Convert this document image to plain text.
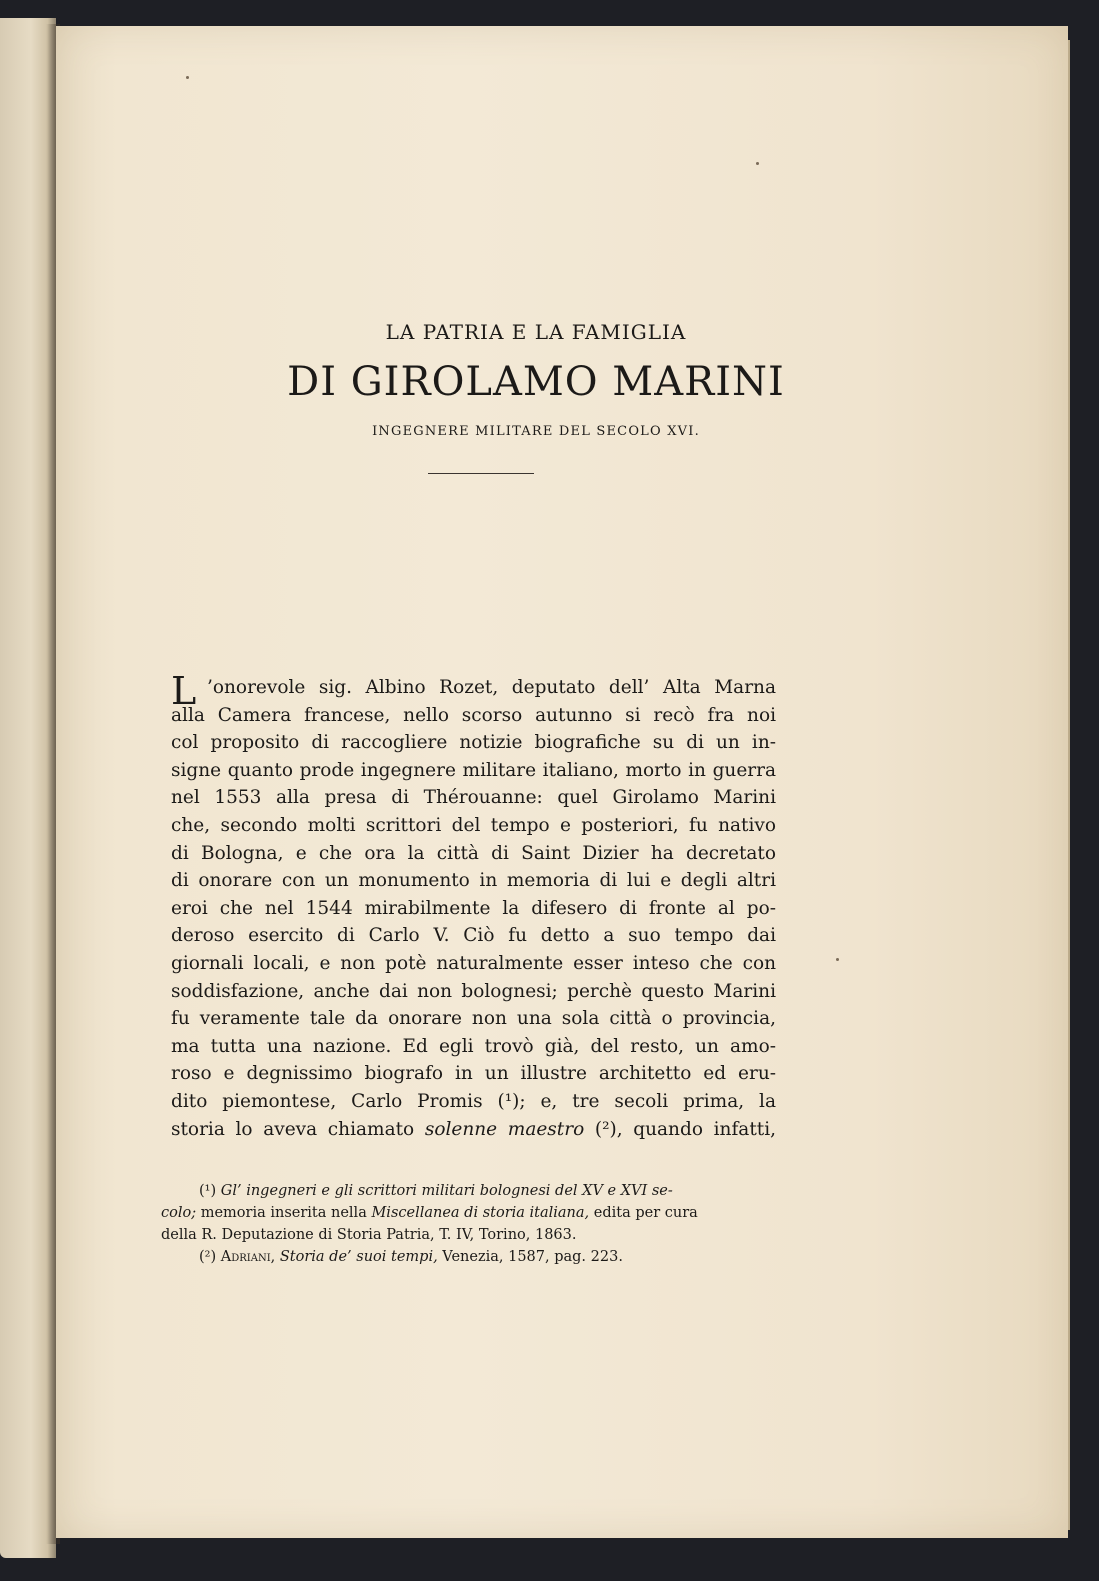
LA PATRIA E LA FAMIGLIA
DI GIROLAMO MARINI
INGEGNERE MILITARE DEL SECOLO XVI.
L ’onorevole sig. Albino Rozet, deputato dell’ Alta Marna
alla Camera francese, nello scorso autunno si recò fra noi
col proposito di raccogliere notizie biografiche su di un in-
signe quanto prode ingegnere militare italiano, morto in guerra
nel 1553 alla presa di Thérouanne: quel Girolamo Marini
che, secondo molti scrittori del tempo e posteriori, fu nativo
di Bologna, e che ora la città di Saint Dizier ha decretato
di onorare con un monumento in memoria di lui e degli altri
eroi che nel 1544 mirabilmente la difesero di fronte al po-
deroso esercito di Carlo V. Ciò fu detto a suo tempo dai
giornali locali, e non potè naturalmente esser inteso che con
soddisfazione, anche dai non bolognesi; perchè questo Marini
fu veramente tale da onorare non una sola città o provincia,
ma tutta una nazione. Ed egli trovò già, del resto, un amo-
roso e degnissimo biografo in un illustre architetto ed eru-
dito piemontese, Carlo Promis (¹); e, tre secoli prima, la
storia lo aveva chiamato solenne maestro (²), quando infatti,
(¹) Gl’ ingegneri e gli scrittori militari bolognesi del XV e XVI se-
colo; memoria inserita nella Miscellanea di storia italiana, edita per cura
della R. Deputazione di Storia Patria, T. IV, Torino, 1863.
(²) Adriani, Storia de’ suoi tempi, Venezia, 1587, pag. 223.
